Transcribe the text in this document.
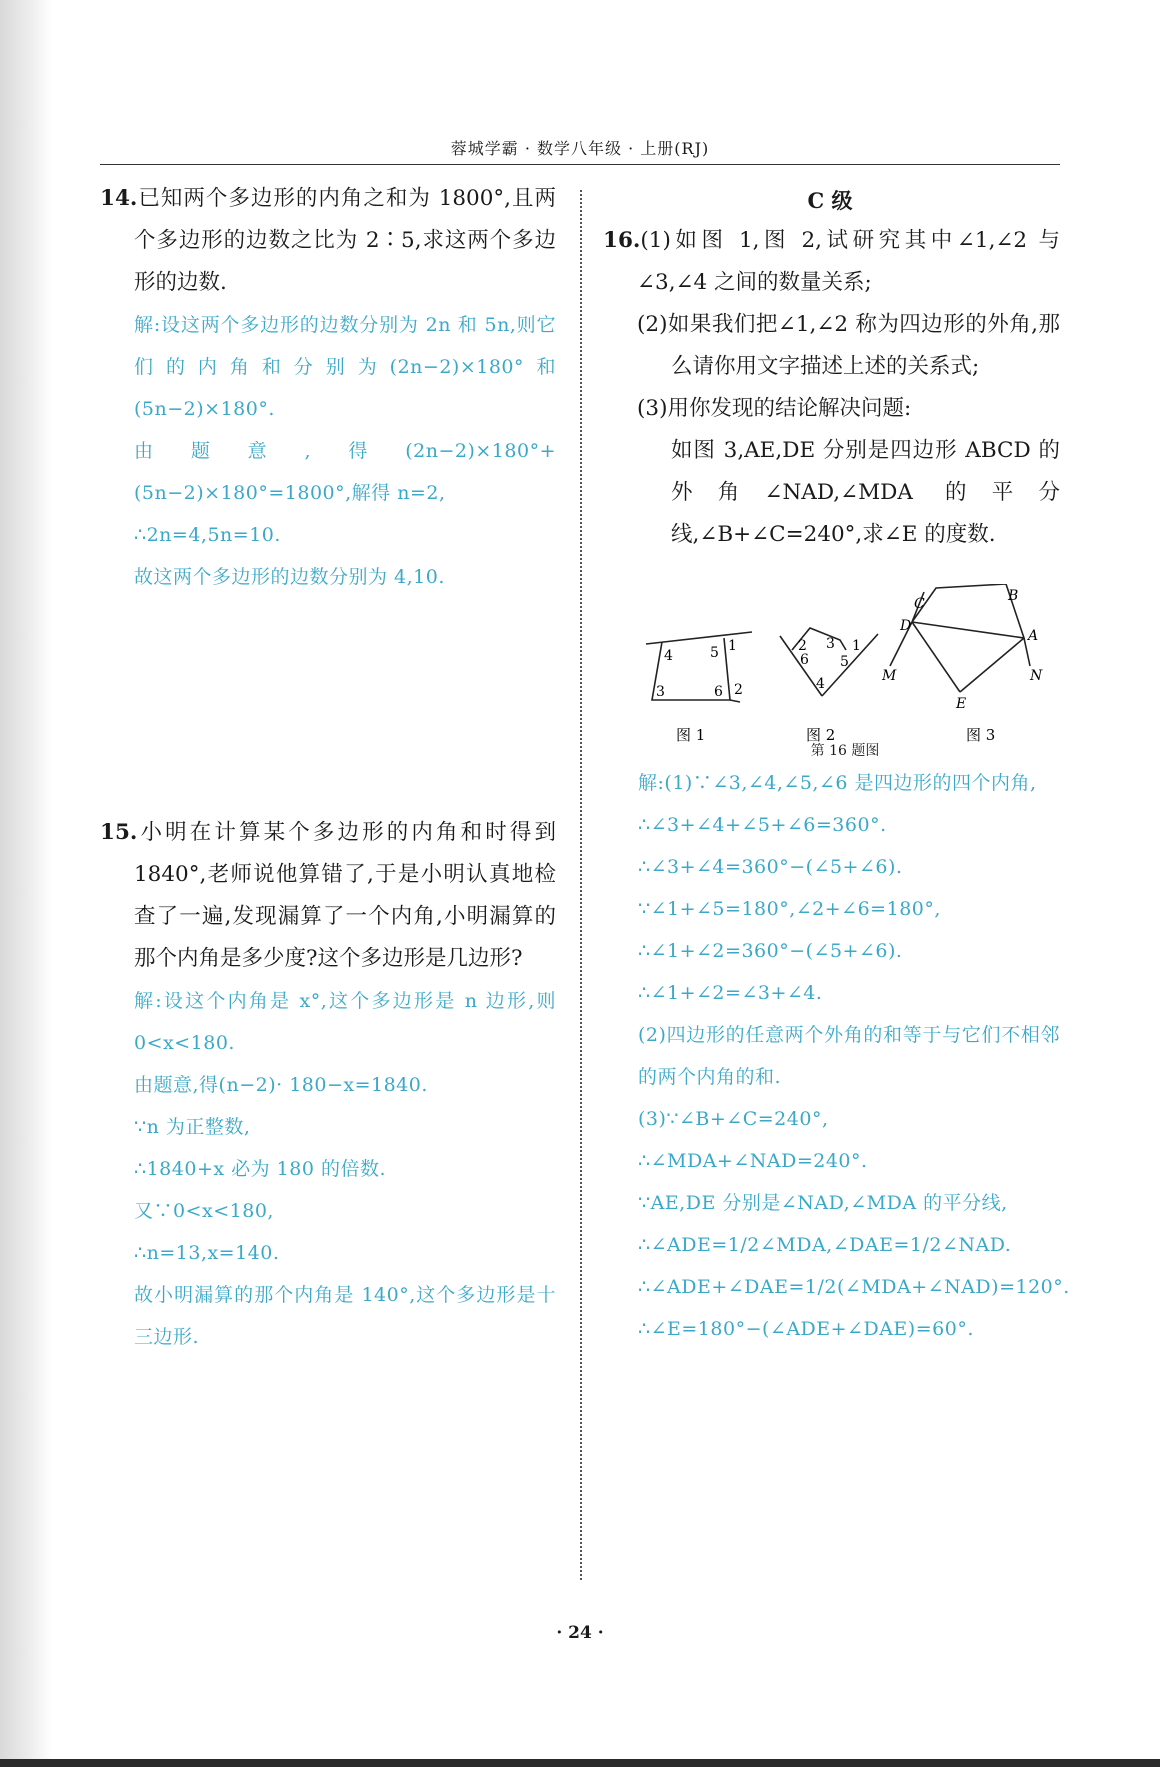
蓉城学霸 · 数学八年级 · 上册(RJ)
14.已知两个多边形的内角之和为 1800°,且两个多边形的边数之比为 2∶5,求这两个多边形的边数.
解:设这两个多边形的边数分别为 2n 和 5n,则它们的内角和分别为(2n−2)×180°和(5n−2)×180°.
由题意,得(2n−2)×180°+(5n−2)×180°=1800°,解得 n=2,
∴2n=4,5n=10.
故这两个多边形的边数分别为 4,10.
15.小明在计算某个多边形的内角和时得到 1840°,老师说他算错了,于是小明认真地检查了一遍,发现漏算了一个内角,小明漏算的那个内角是多少度?这个多边形是几边形?
解:设这个内角是 x°,这个多边形是 n 边形,则 0<x<180.
由题意,得(n−2)· 180−x=1840.
∵n 为正整数,
∴1840+x 必为 180 的倍数.
又∵0<x<180,
∴n=13,x=140.
故小明漏算的那个内角是 140°,这个多边形是十三边形.
C 级
16.(1)如图 1,图 2,试研究其中∠1,∠2 与∠3,∠4 之间的数量关系;
(2)如果我们把∠1,∠2 称为四边形的外角,那么请你用文字描述上述的关系式;
(3)用你发现的结论解决问题:
如图 3,AE,DE 分别是四边形 ABCD 的外角∠NAD,∠MDA 的平分线,∠B+∠C=240°,求∠E 的度数.
4	5 1
3	6 2
图 1
2 3 1
6 5
4
图 2
C	B
D
A
M
E
N
图 3
第 16 题图
解:(1)∵∠3,∠4,∠5,∠6 是四边形的四个内角,
∴∠3+∠4+∠5+∠6=360°.
∴∠3+∠4=360°−(∠5+∠6).
∵∠1+∠5=180°,∠2+∠6=180°,
∴∠1+∠2=360°−(∠5+∠6).
∴∠1+∠2=∠3+∠4.
(2)四边形的任意两个外角的和等于与它们不相邻的两个内角的和.
(3)∵∠B+∠C=240°,
∴∠MDA+∠NAD=240°.
∵AE,DE 分别是∠NAD,∠MDA 的平分线,
∴∠ADE=1/2∠MDA,∠DAE=1/2∠NAD.
∴∠ADE+∠DAE=1/2(∠MDA+∠NAD)=120°.
∴∠E=180°−(∠ADE+∠DAE)=60°.
· 24 ·
